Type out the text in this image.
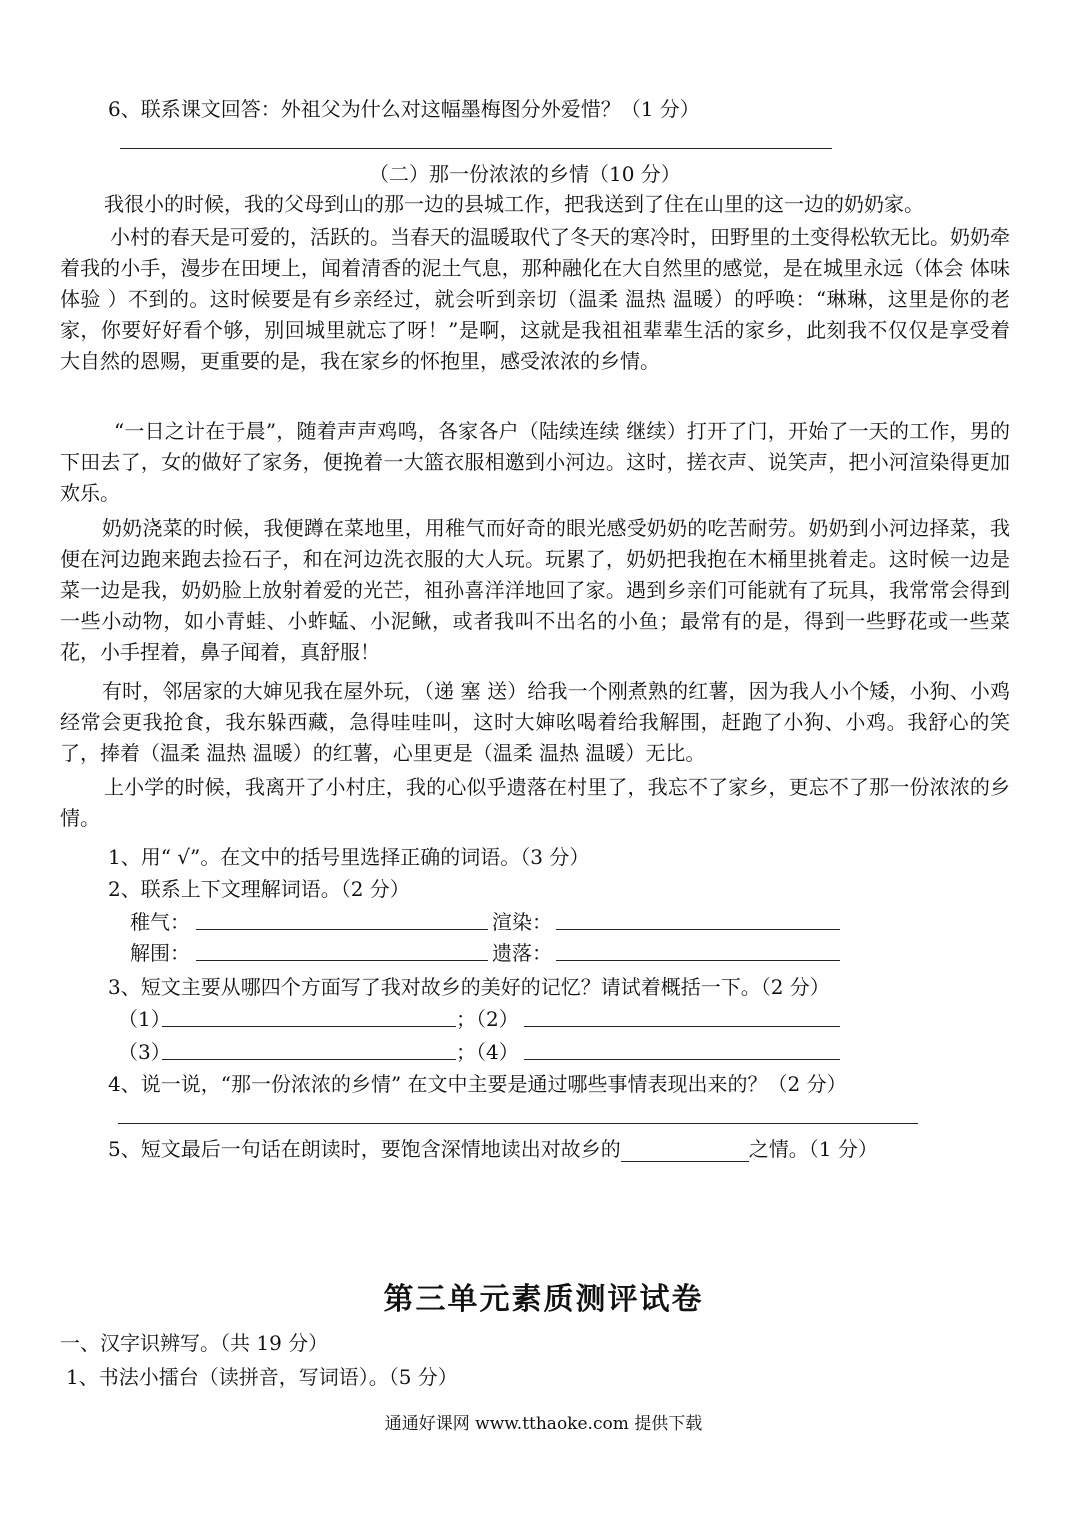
6、联系课文回答：外祖父为什么对这幅墨梅图分外爱惜？（1 分）
（二）那一份浓浓的乡情（10 分）
我很小的时候，我的父母到山的那一边的县城工作，把我送到了住在山里的这一边的奶奶家。
小村的春天是可爱的，活跃的。当春天的温暖取代了冬天的寒冷时，田野里的土变得松软无比。奶奶牵着我的小手，漫步在田埂上，闻着清香的泥土气息，那种融化在大自然里的感觉，是在城里永远（体会 体味 体验 ）不到的。这时候要是有乡亲经过，就会听到亲切（温柔 温热 温暖）的呼唤：“琳琳，这里是你的老家，你要好好看个够，别回城里就忘了呀！”是啊，这就是我祖祖辈辈生活的家乡，此刻我不仅仅是享受着大自然的恩赐，更重要的是，我在家乡的怀抱里，感受浓浓的乡情。
“一日之计在于晨”，随着声声鸡鸣，各家各户（陆续连续 继续）打开了门，开始了一天的工作，男的下田去了，女的做好了家务，便挽着一大篮衣服相邀到小河边。这时，搓衣声、说笑声，把小河渲染得更加欢乐。
奶奶浇菜的时候，我便蹲在菜地里，用稚气而好奇的眼光感受奶奶的吃苦耐劳。奶奶到小河边择菜，我便在河边跑来跑去捡石子，和在河边洗衣服的大人玩。玩累了，奶奶把我抱在木桶里挑着走。这时候一边是菜一边是我，奶奶脸上放射着爱的光芒，祖孙喜洋洋地回了家。遇到乡亲们可能就有了玩具，我常常会得到一些小动物，如小青蛙、小蚱蜢、小泥鳅，或者我叫不出名的小鱼；最常有的是，得到一些野花或一些菜花，小手捏着，鼻子闻着，真舒服！
有时，邻居家的大婶见我在屋外玩，（递 塞 送）给我一个刚煮熟的红薯，因为我人小个矮，小狗、小鸡经常会更我抢食，我东躲西藏，急得哇哇叫，这时大婶吆喝着给我解围，赶跑了小狗、小鸡。我舒心的笑了，捧着（温柔 温热 温暖）的红薯，心里更是（温柔 温热 温暖）无比。
上小学的时候，我离开了小村庄，我的心似乎遗落在村里了，我忘不了家乡，更忘不了那一份浓浓的乡情。
1、用“ √”。在文中的括号里选择正确的词语。（3 分）
2、联系上下文理解词语。（2 分）
稚气：	渲染：
解围：	遗落：
3、短文主要从哪四个方面写了我对故乡的美好的记忆？请试着概括一下。（2 分）
（1）	；（2）
（3）	；（4）
4、说一说，“那一份浓浓的乡情” 在文中主要是通过哪些事情表现出来的？（2 分）
5、短文最后一句话在朗读时，要饱含深情地读出对故乡的	之情。（1 分）
第三单元素质测评试卷
一、汉字识辨写。（共 19 分）
1、书法小擂台（读拼音，写词语）。（5 分）
通通好课网 www.tthaoke.com 提供下载
